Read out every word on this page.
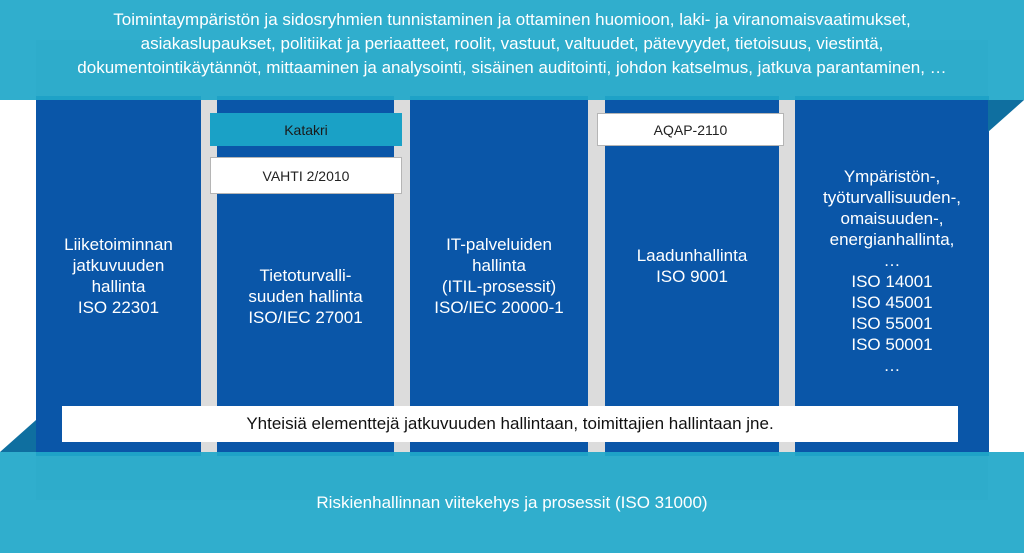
Liiketoiminnan
jatkuvuuden
hallinta
ISO 22301
Tietoturvalli-
suuden hallinta
ISO/IEC 27001
IT-palveluiden
hallinta
(ITIL-prosessit)
ISO/IEC 20000-1
Laadunhallinta
ISO 9001
Ympäristön-,
työturvallisuuden-,
omaisuuden-,
energianhallinta,
…
ISO 14001
ISO 45001
ISO 55001
ISO 50001
…
Katakri
VAHTI 2/2010
AQAP-2110
Yhteisiä elementtejä jatkuvuuden hallintaan, toimittajien hallintaan jne.
Toimintaympäristön ja sidosryhmien tunnistaminen ja ottaminen huomioon, laki- ja viranomaisvaatimukset,
asiakaslupaukset, politiikat ja periaatteet, roolit, vastuut, valtuudet, pätevyydet, tietoisuus, viestintä,
dokumentointikäytännöt, mittaaminen ja analysointi, sisäinen auditointi, johdon katselmus, jatkuva parantaminen, …
Riskienhallinnan viitekehys ja prosessit (ISO 31000)
